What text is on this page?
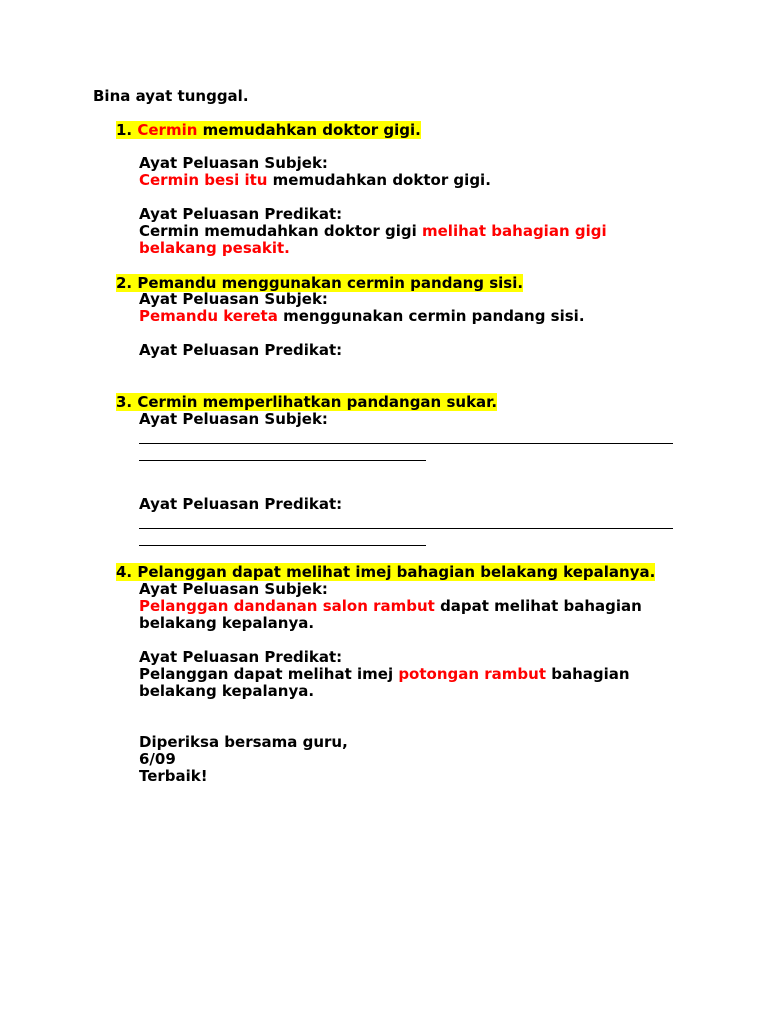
Bina ayat tunggal.
1. Cermin memudahkan doktor gigi.
Ayat Peluasan Subjek:
Cermin besi itu memudahkan doktor gigi.
Ayat Peluasan Predikat:
Cermin memudahkan doktor gigi melihat bahagian gigi
belakang pesakit.
2. Pemandu menggunakan cermin pandang sisi.
Ayat Peluasan Subjek:
Pemandu kereta menggunakan cermin pandang sisi.
Ayat Peluasan Predikat:
3. Cermin memperlihatkan pandangan sukar.
Ayat Peluasan Subjek:
Ayat Peluasan Predikat:
4. Pelanggan dapat melihat imej bahagian belakang kepalanya.
Ayat Peluasan Subjek:
Pelanggan dandanan salon rambut dapat melihat bahagian
belakang kepalanya.
Ayat Peluasan Predikat:
Pelanggan dapat melihat imej potongan rambut bahagian
belakang kepalanya.
Diperiksa bersama guru,
6/09
Terbaik!
